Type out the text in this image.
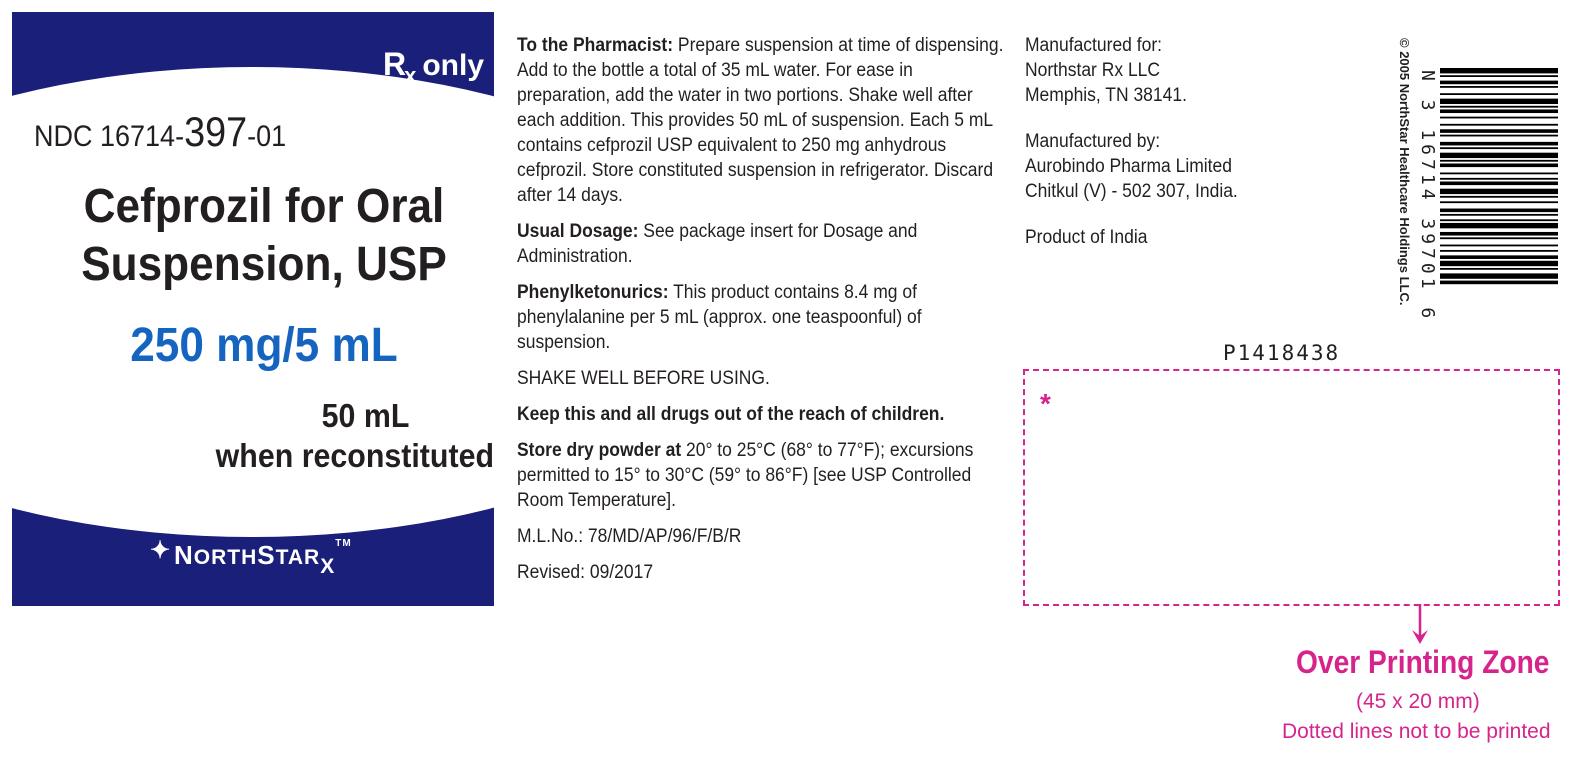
$R_x$ only
NDC 16714-397-01
Cefprozil for Oral
Suspension, USP
250 mg/5 mL
50 mL
when reconstituted
✦ $NORTHSTAR_X$
TM

To the Pharmacist: Prepare suspension at time of dispensing. Add to the bottle a total of 35 mL water. For ease in preparation, add the water in two portions. Shake well after each addition. This provides 50 mL of suspension. Each 5 mL contains cefprozil USP equivalent to 250 mg anhydrous cefprozil. Store constituted suspension in refrigerator. Discard after 14 days.

Usual Dosage: See package insert for Dosage and Administration.

Phenylketonurics: This product contains 8.4 mg of phenylalanine per 5 mL (approx. one teaspoonful) of suspension.

SHAKE WELL BEFORE USING.

Keep this and all drugs out of the reach of children.

Store dry powder at 20° to 25°C (68° to 77°F); excursions permitted to 15° to 30°C (59° to 86°F) [see USP Controlled Room Temperature].

M.L.No.: 78/MD/AP/96/F/B/R

Revised: 09/2017

Manufactured for:
Northstar Rx LLC
Memphis, TN 38141.

Manufactured by:
Aurobindo Pharma Limited
Chitkul (V) - 502 307, India.

Product of India	© 2005 NorthStar Healthcare Holdings LLC. N 3 16714 39701 6
P1418438
*
Over Printing Zone
(45 x 20 mm)
Dotted lines not to be printed
